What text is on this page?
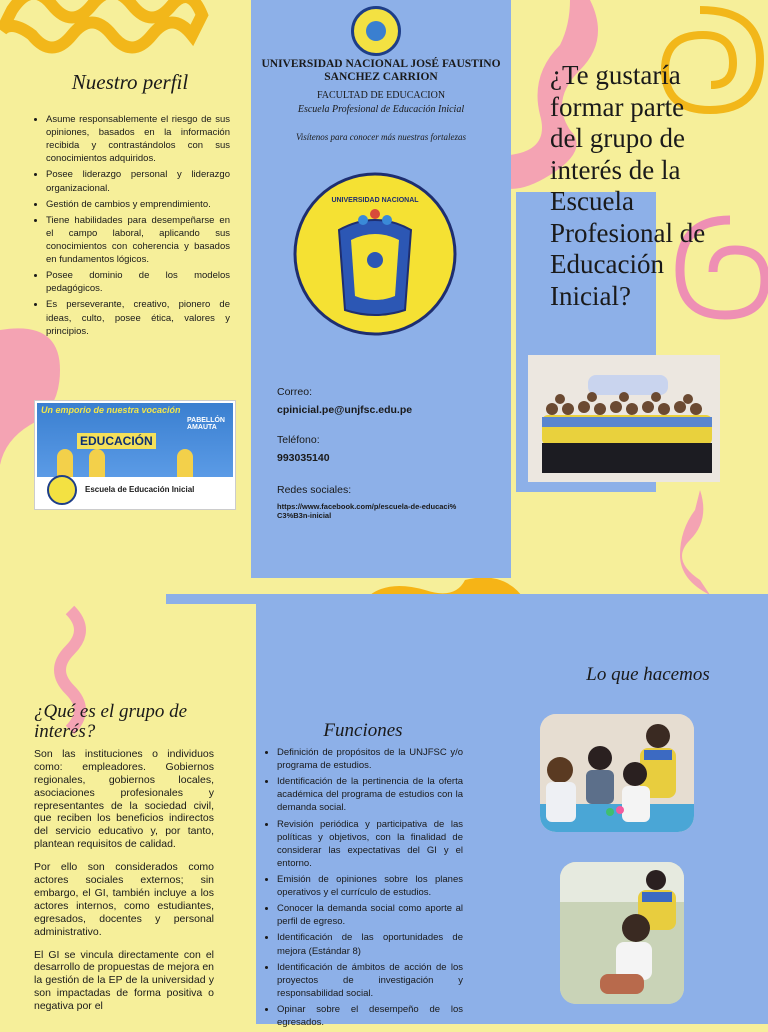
Nuestro perfil
• Asume responsablemente el riesgo de sus opiniones, basados en la información recibida y contrastándolos con sus conocimientos adquiridos.
• Posee liderazgo personal y liderazgo organizacional.
• Gestión de cambios y emprendimiento.
• Tiene habilidades para desempeñarse en el campo laboral, aplicando sus conocimientos con coherencia y basados en fundamentos lógicos.
• Posee dominio de los modelos pedagógicos.
• Es perseverante, creativo, pionero de ideas, culto, posee ética, valores y principios.
Un emporio de nuestra vocación
EDUCACIÓN
PABELLÓN AMAUTA
Escuela de Educación Inicial
UNIVERSIDAD NACIONAL JOSÉ FAUSTINO SANCHEZ CARRION
FACULTAD DE EDUCACION
Escuela Profesional de Educación Inicial
Visítenos para conocer más nuestras fortalezas
UNIVERSIDAD NACIONAL
Correo:
cpinicial.pe@unjfsc.edu.pe
Teléfono:
993035140
Redes sociales:
https://www.facebook.com/p/escuela-de-educaci%C3%B3n-inicial
¿Te gustaría formar parte del grupo de interés de la Escuela Profesional de Educación Inicial?
¿Qué es el grupo de interés?

Son las instituciones o individuos como: empleadores. Gobiernos regionales, gobiernos locales, asociaciones profesionales y representantes de la sociedad civil, que reciben los beneficios indirectos del servicio educativo y, por tanto, plantean requisitos de calidad.

Por ello son considerados como actores sociales externos; sin embargo, el GI, también incluye a los actores internos, como estudiantes, egresados, docentes y personal administrativo.

El GI se vincula directamente con el desarrollo de propuestas de mejora en la gestión de la EP de la universidad y son impactadas de forma positiva o negativa por el

Funciones
• Definición de propósitos de la UNJFSC y/o programa de estudios.
• Identificación de la pertinencia de la oferta académica del programa de estudios con la demanda social.
• Revisión periódica y participativa de las políticas y objetivos, con la finalidad de considerar las expectativas del GI y el entorno.
• Emisión de opiniones sobre los planes operativos y el currículo de estudios.
• Conocer la demanda social como aporte al perfil de egreso.
• Identificación de las oportunidades de mejora (Estándar 8)
• Identificación de ámbitos de acción de los proyectos de investigación y responsabilidad social.
• Opinar sobre el desempeño de los egresados.
Lo que hacemos
